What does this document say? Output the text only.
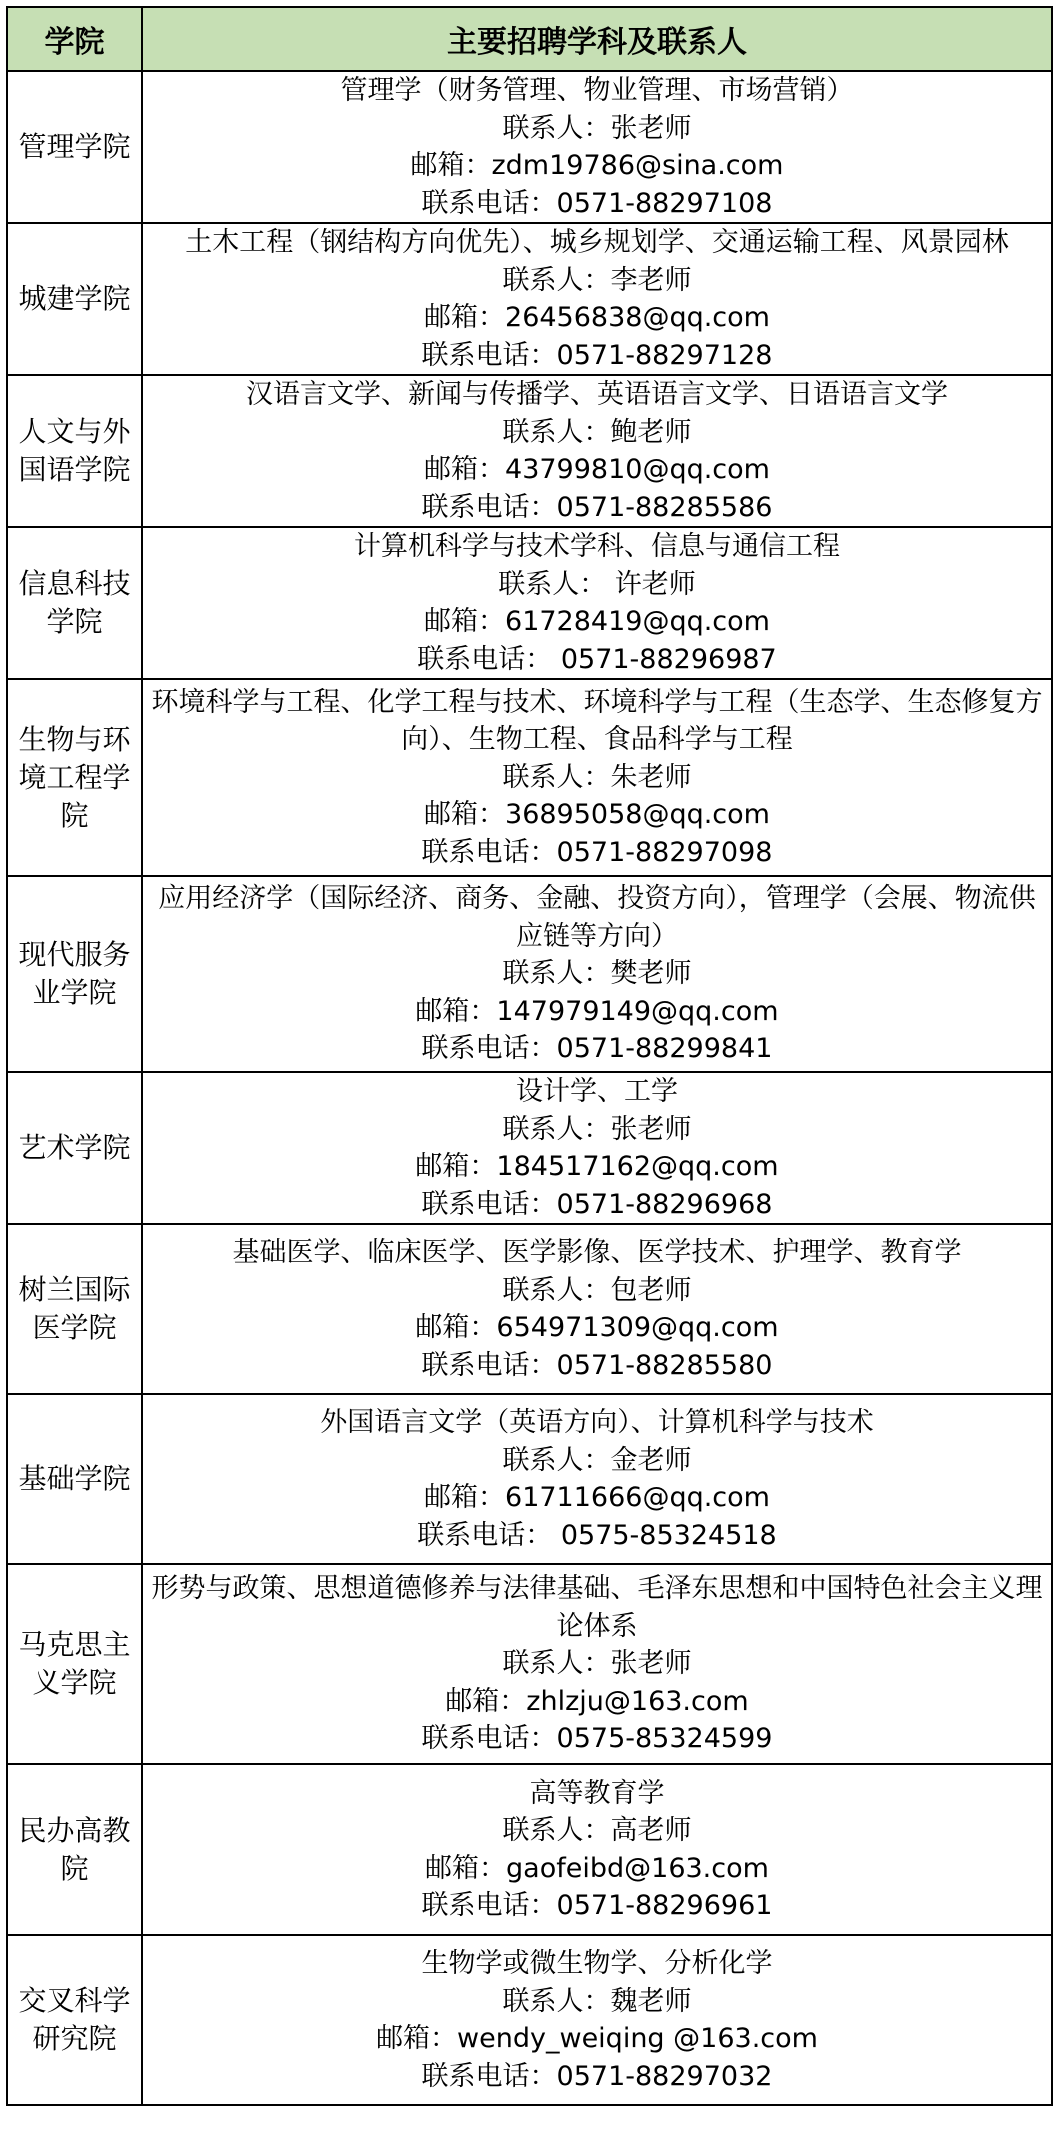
学院	主要招聘学科及联系人
管理学院	管理学（财务管理、物业管理、市场营销）
联系人：张老师
邮箱：zdm19786@sina.com
联系电话：0571-88297108

城建学院	土木工程（钢结构方向优先）、城乡规划学、交通运输工程、风景园林
联系人：李老师
邮箱：26456838@qq.com
联系电话：0571-88297128

人文与外国语学院	汉语言文学、新闻与传播学、英语语言文学、日语语言文学
联系人：鲍老师
邮箱：43799810@qq.com
联系电话：0571-88285586

信息科技学院	计算机科学与技术学科、信息与通信工程
联系人： 许老师
邮箱：61728419@qq.com
联系电话： 0571-88296987

生物与环境工程学院	环境科学与工程、化学工程与技术、环境科学与工程（生态学、生态修复方向）、生物工程、食品科学与工程
联系人：朱老师
邮箱：36895058@qq.com
联系电话：0571-88297098

现代服务业学院	应用经济学（国际经济、商务、金融、投资方向），管理学（会展、物流供应链等方向）
联系人：樊老师
邮箱：147979149@qq.com
联系电话：0571-88299841

艺术学院	设计学、工学
联系人：张老师
邮箱：184517162@qq.com
联系电话：0571-88296968

树兰国际医学院	基础医学、临床医学、医学影像、医学技术、护理学、教育学
联系人：包老师
邮箱：654971309@qq.com
联系电话：0571-88285580

基础学院	外国语言文学（英语方向）、计算机科学与技术
联系人：金老师
邮箱：61711666@qq.com
联系电话： 0575-85324518

马克思主义学院	形势与政策、思想道德修养与法律基础、毛泽东思想和中国特色社会主义理论体系
联系人：张老师
邮箱：zhlzju@163.com
联系电话：0575-85324599

民办高教院	高等教育学
联系人：高老师
邮箱：gaofeibd@163.com
联系电话：0571-88296961

交叉科学研究院	生物学或微生物学、分析化学
联系人：魏老师
邮箱：wendy_weiqing @163.com
联系电话：0571-88297032
